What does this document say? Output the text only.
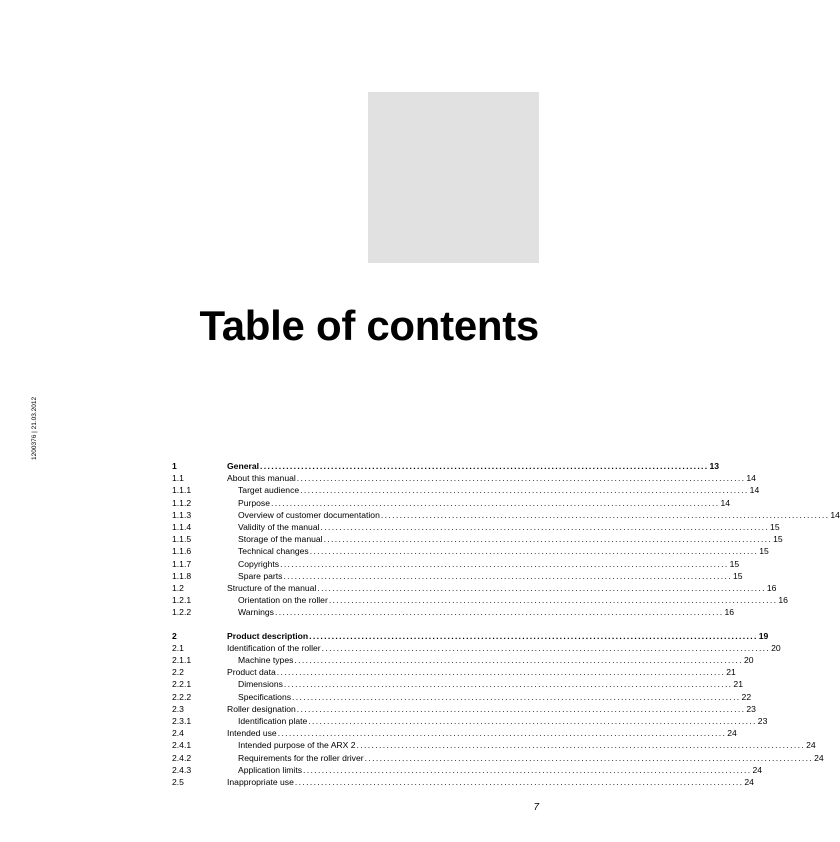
Table of contents
1200376 | 21.03.2012
1	General ........................................................................................................................ 13
1.1	About this manual ........................................................................................................................ 14
1.1.1	Target audience ........................................................................................................................ 14
1.1.2	Purpose ........................................................................................................................ 14
1.1.3	Overview of customer documentation ........................................................................................................................ 14
1.1.4	Validity of the manual ........................................................................................................................ 15
1.1.5	Storage of the manual ........................................................................................................................ 15
1.1.6	Technical changes ........................................................................................................................ 15
1.1.7	Copyrights ........................................................................................................................ 15
1.1.8	Spare parts ........................................................................................................................ 15
1.2	Structure of the manual ........................................................................................................................ 16
1.2.1	Orientation on the roller ........................................................................................................................ 16
1.2.2	Warnings ........................................................................................................................ 16
2	Product description ........................................................................................................................ 19
2.1	Identification of the roller ........................................................................................................................ 20
2.1.1	Machine types ........................................................................................................................ 20
2.2	Product data ........................................................................................................................ 21
2.2.1	Dimensions ........................................................................................................................ 21
2.2.2	Specifications ........................................................................................................................ 22
2.3	Roller designation ........................................................................................................................ 23
2.3.1	Identification plate ........................................................................................................................ 23
2.4	Intended use ........................................................................................................................ 24
2.4.1	Intended purpose of the ARX 2 ........................................................................................................................ 24
2.4.2	Requirements for the roller driver ........................................................................................................................ 24
2.4.3	Application limits ........................................................................................................................ 24
2.5	Inappropriate use ........................................................................................................................ 24
7
